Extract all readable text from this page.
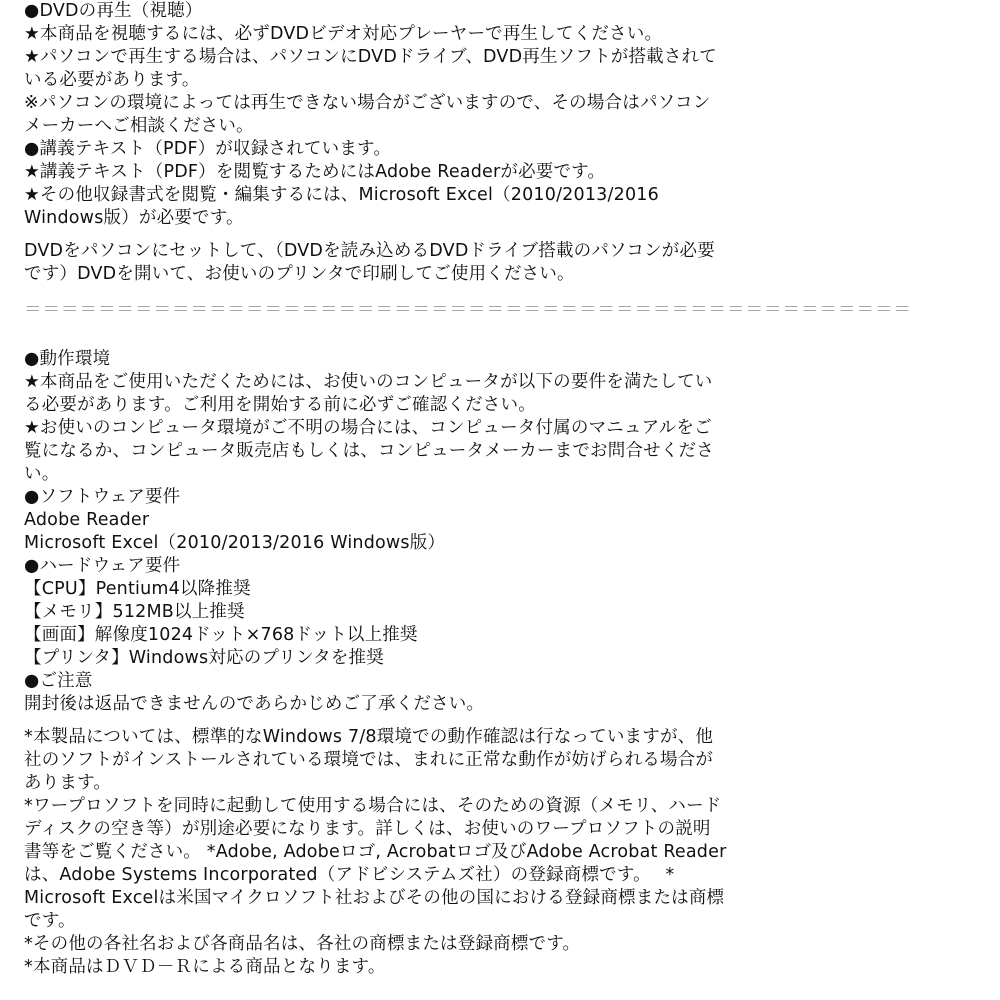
●DVDの再生（視聴）
★本商品を視聴するには、必ずDVDビデオ対応プレーヤーで再生してください。
★パソコンで再生する場合は、パソコンにDVDドライブ、DVD再生ソフトが搭載されて
いる必要があります。
※パソコンの環境によっては再生できない場合がございますので、その場合はパソコン
メーカーへご相談ください。
●講義テキスト（PDF）が収録されています。
★講義テキスト（PDF）を閲覧するためにはAdobe Readerが必要です。
★その他収録書式を閲覧・編集するには、Microsoft Excel（2010/2013/2016
Windows版）が必要です。
DVDをパソコンにセットして、（DVDを読み込めるDVDドライブ搭載のパソコンが必要
です）DVDを開いて、お使いのプリンタで印刷してご使用ください。
＝＝＝＝＝＝＝＝＝＝＝＝＝＝＝＝＝＝＝＝＝＝＝＝＝＝＝＝＝＝＝＝＝＝＝＝＝＝＝＝＝＝＝＝＝＝＝＝
●動作環境
★本商品をご使用いただくためには、お使いのコンピュータが以下の要件を満たしてい
る必要があります。ご利用を開始する前に必ずご確認ください。
★お使いのコンピュータ環境がご不明の場合には、コンピュータ付属のマニュアルをご
覧になるか、コンピュータ販売店もしくは、コンピュータメーカーまでお問合せくださ
い。
●ソフトウェア要件
Adobe Reader
Microsoft Excel（2010/2013/2016 Windows版）
●ハードウェア要件
【CPU】Pentium4以降推奨
【メモリ】512MB以上推奨
【画面】解像度1024ドット×768ドット以上推奨
【プリンタ】Windows対応のプリンタを推奨
●ご注意
開封後は返品できませんのであらかじめご了承ください。
*本製品については、標準的なWindows 7/8環境での動作確認は行なっていますが、他
社のソフトがインストールされている環境では、まれに正常な動作が妨げられる場合が
あります。
*ワープロソフトを同時に起動して使用する場合には、そのための資源（メモリ、ハード
ディスクの空き等）が別途必要になります。詳しくは、お使いのワープロソフトの説明
書等をご覧ください。 *Adobe, Adobeロゴ, Acrobatロゴ及びAdobe Acrobat Reader
は、Adobe Systems Incorporated（アドビシステムズ社）の登録商標です。　 *
Microsoft Excelは米国マイクロソフト社およびその他の国における登録商標または商標
です。
*その他の各社名および各商品名は、各社の商標または登録商標です。
*本商品はＤＶＤ－Ｒによる商品となります。
